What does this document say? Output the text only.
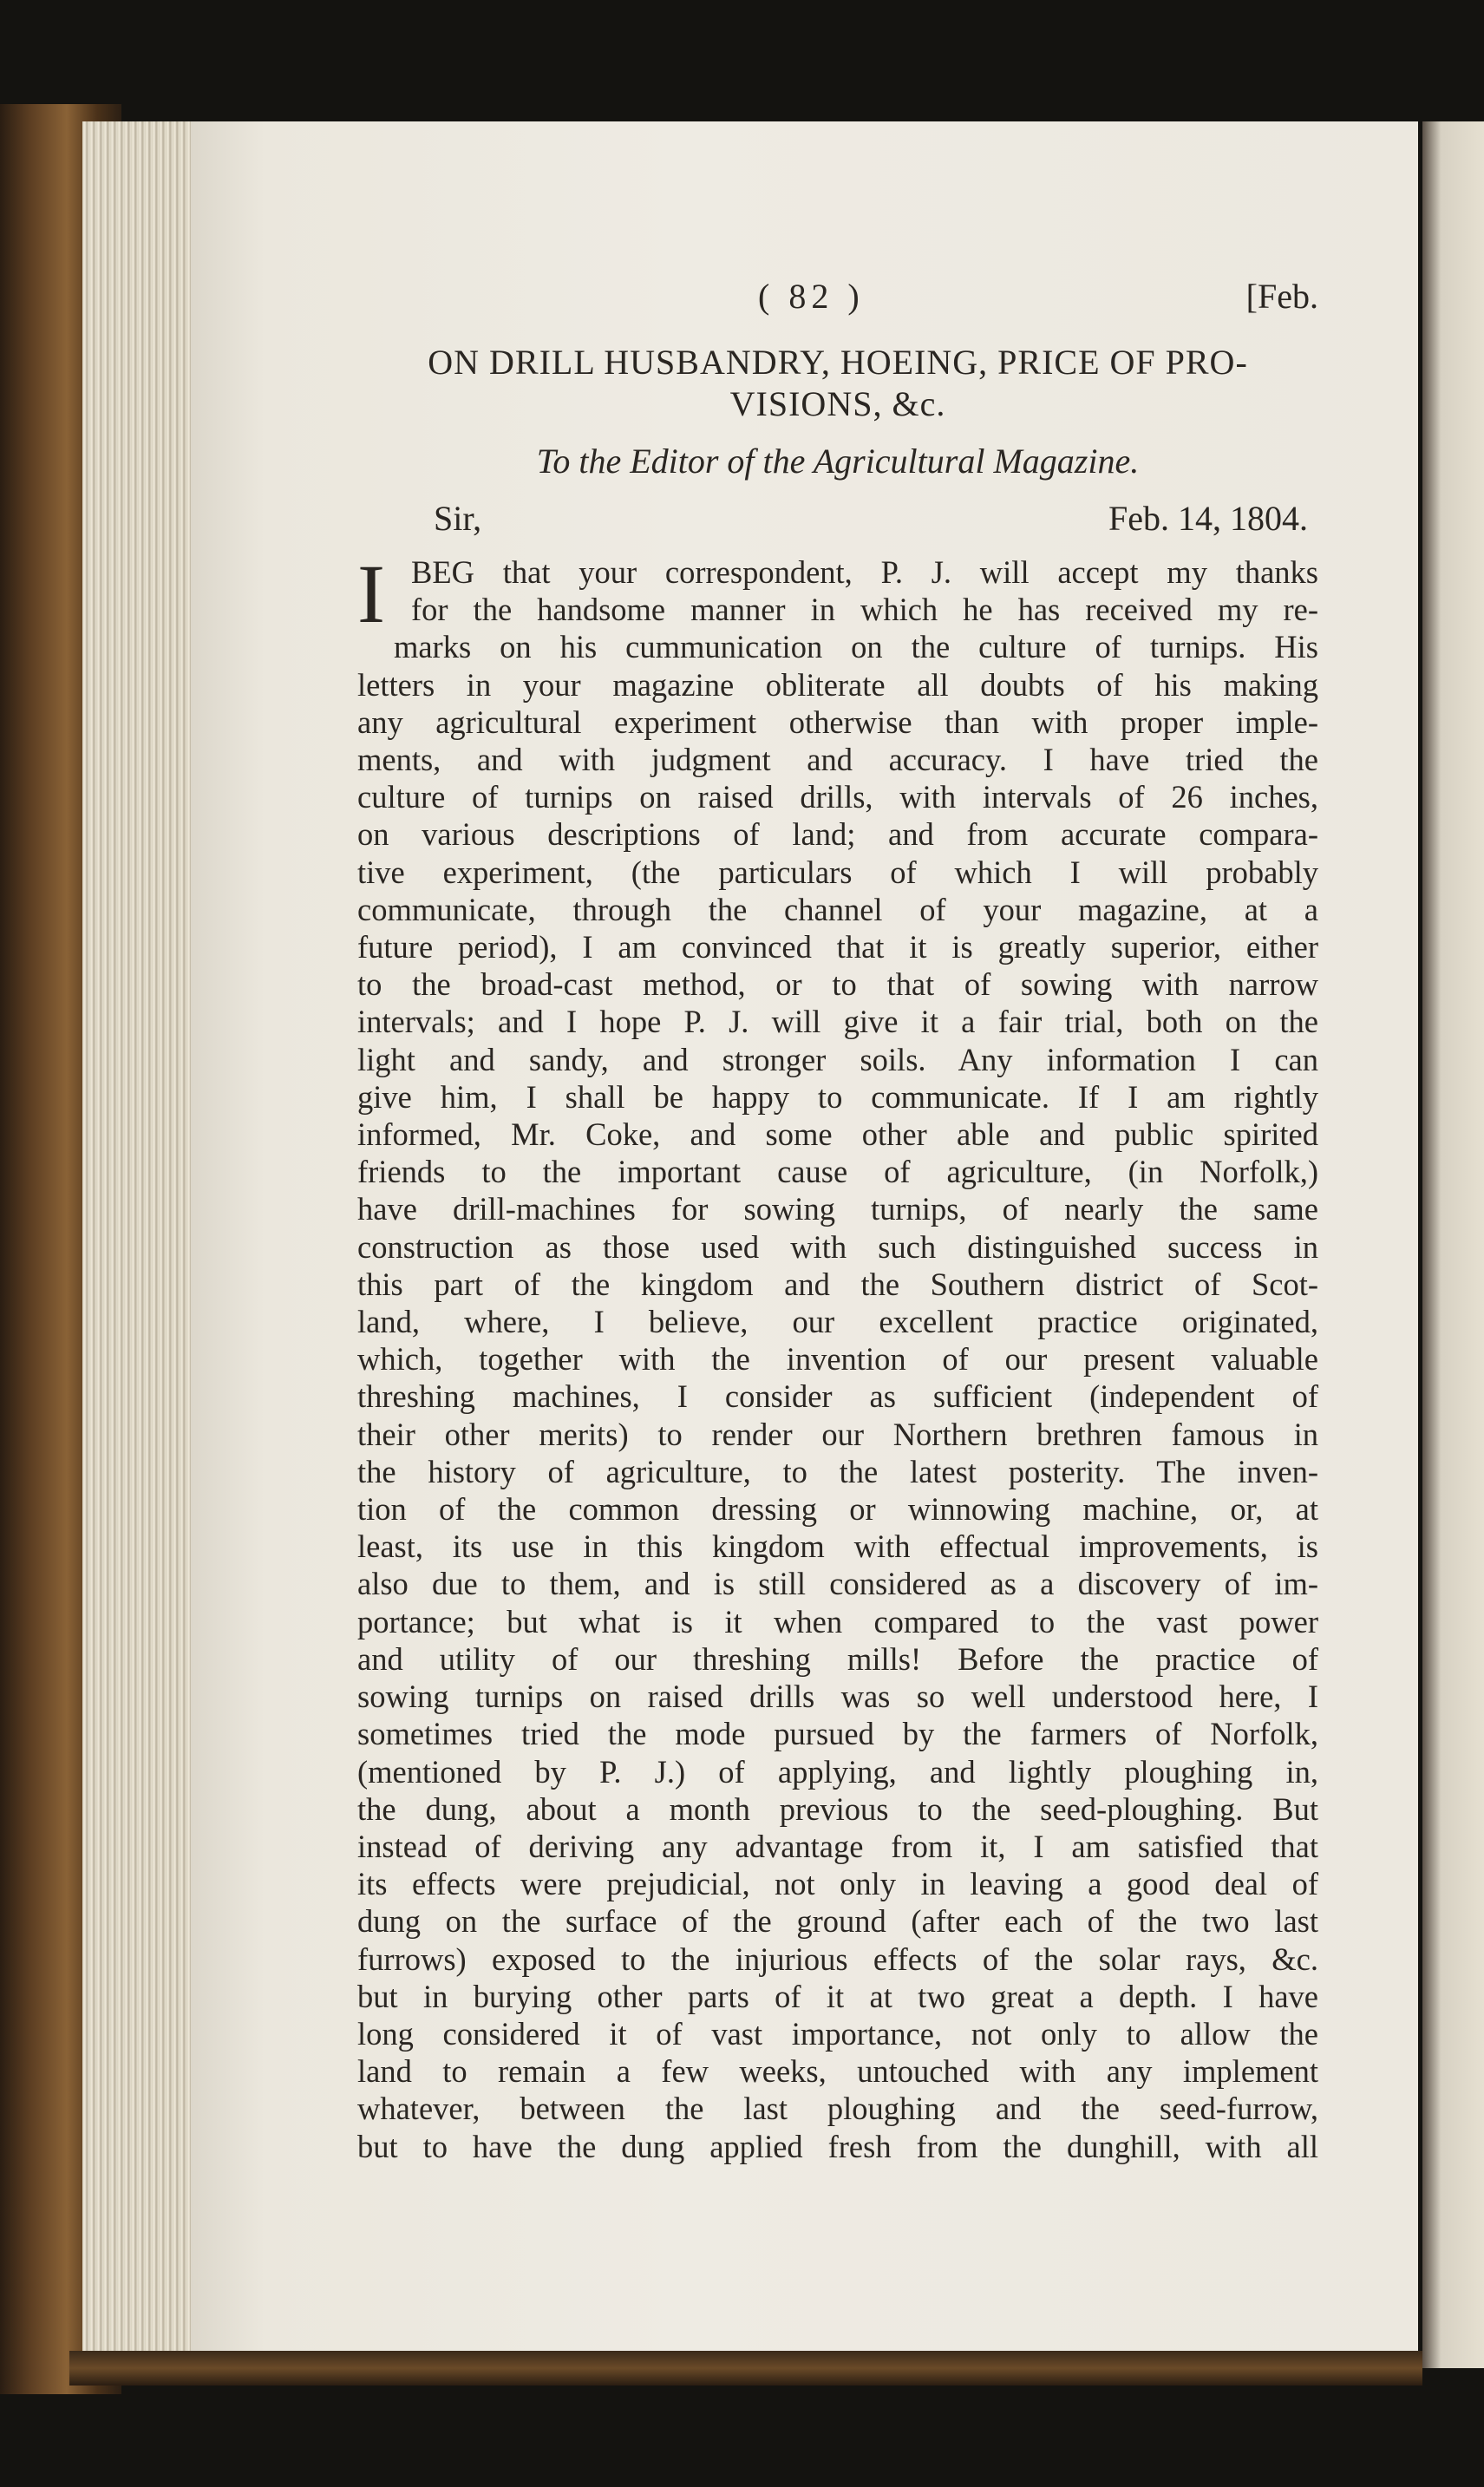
( 82 )	[Feb.
ON DRILL HUSBANDRY, HOEING, PRICE OF PRO-
VISIONS, &c.
To the Editor of the Agricultural Magazine.
Sir,	Feb. 14, 1804.
I BEG that your correspondent, P. J. will accept my thanks
for the handsome manner in which he has received my re-
marks on his cummunication on the culture of turnips. His
letters in your magazine obliterate all doubts of his making
any agricultural experiment otherwise than with proper imple-
ments, and with judgment and accuracy. I have tried the
culture of turnips on raised drills, with intervals of 26 inches,
on various descriptions of land; and from accurate compara-
tive experiment, (the particulars of which I will probably
communicate, through the channel of your magazine, at a
future period), I am convinced that it is greatly superior, either
to the broad-cast method, or to that of sowing with narrow
intervals; and I hope P. J. will give it a fair trial, both on the
light and sandy, and stronger soils. Any information I can
give him, I shall be happy to communicate. If I am rightly
informed, Mr. Coke, and some other able and public spirited
friends to the important cause of agriculture, (in Norfolk,)
have drill-machines for sowing turnips, of nearly the same
construction as those used with such distinguished success in
this part of the kingdom and the Southern district of Scot-
land, where, I believe, our excellent practice originated,
which, together with the invention of our present valuable
threshing machines, I consider as sufficient (independent of
their other merits) to render our Northern brethren famous in
the history of agriculture, to the latest posterity. The inven-
tion of the common dressing or winnowing machine, or, at
least, its use in this kingdom with effectual improvements, is
also due to them, and is still considered as a discovery of im-
portance; but what is it when compared to the vast power
and utility of our threshing mills! Before the practice of
sowing turnips on raised drills was so well understood here, I
sometimes tried the mode pursued by the farmers of Norfolk,
(mentioned by P. J.) of applying, and lightly ploughing in,
the dung, about a month previous to the seed-ploughing. But
instead of deriving any advantage from it, I am satisfied that
its effects were prejudicial, not only in leaving a good deal of
dung on the surface of the ground (after each of the two last
furrows) exposed to the injurious effects of the solar rays, &c.
but in burying other parts of it at two great a depth. I have
long considered it of vast importance, not only to allow the
land to remain a few weeks, untouched with any implement
whatever, between the last ploughing and the seed-furrow,
but to have the dung applied fresh from the dunghill, with all
